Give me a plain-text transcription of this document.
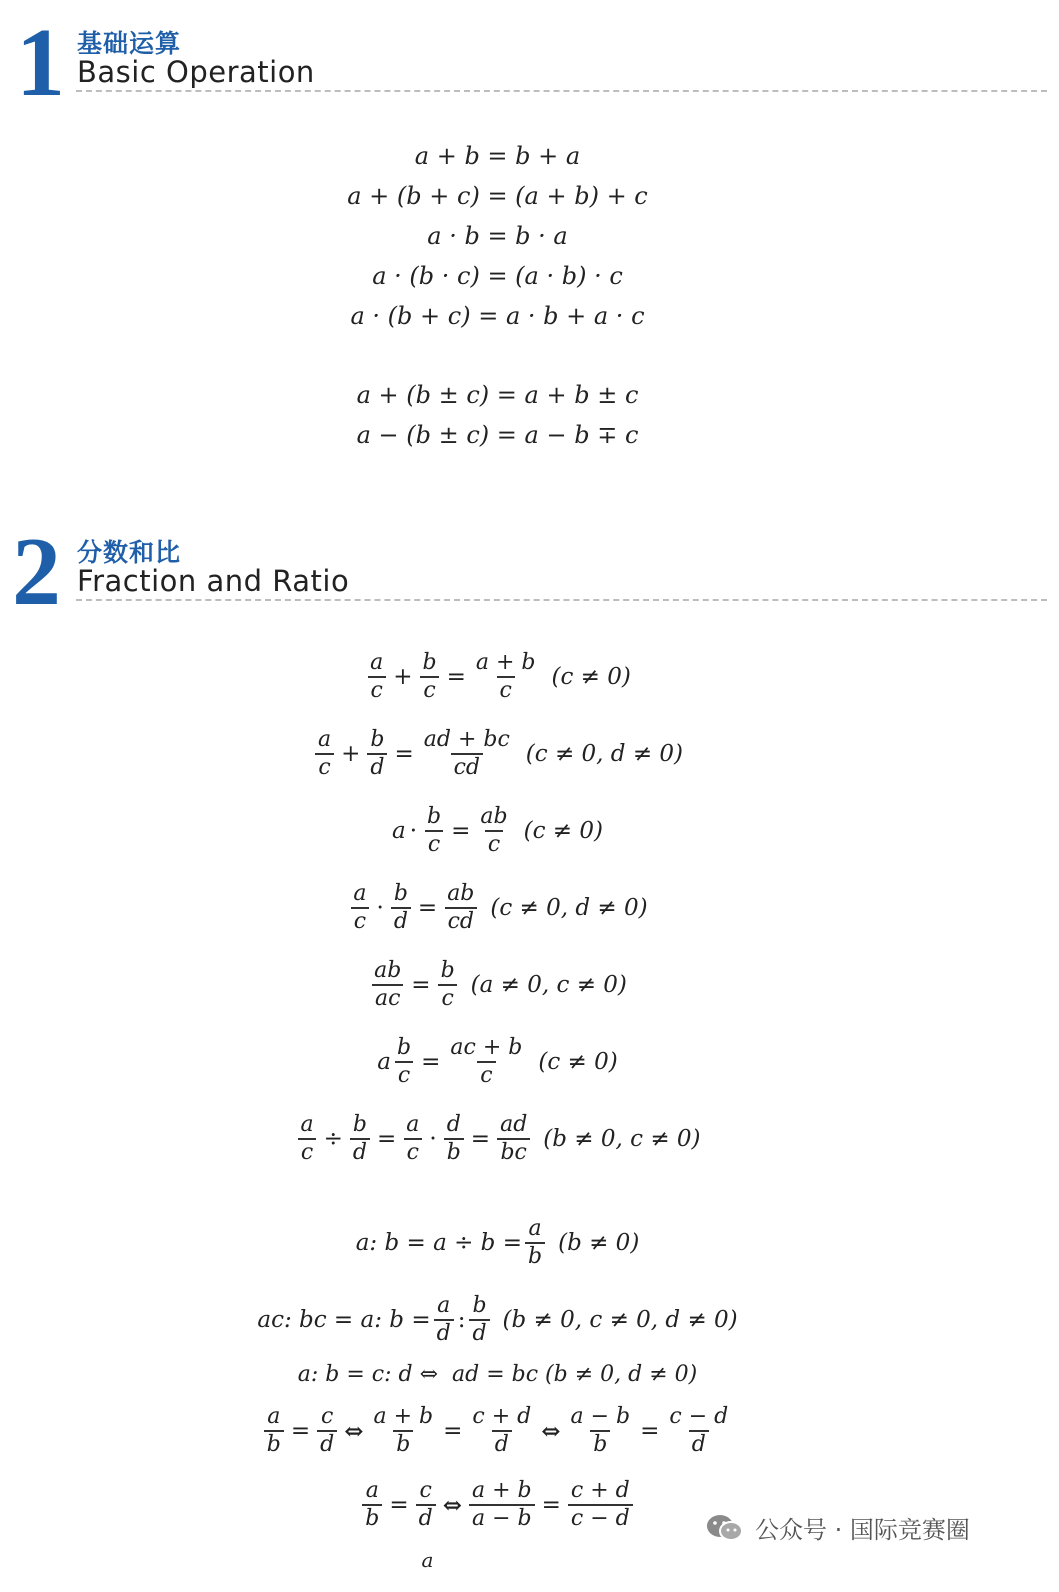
1 基础运算
Basic Operation
a + b = b + a
a + (b + c) = (a + b) + c
a · b = b · a
a · (b · c) = (a · b) · c
a · (b + c) = a · b + a · c
a + (b ± c) = a + b ± c
a − (b ± c) = a − b ∓ c
2 分数和比
Fraction and Ratio
$\frac{a}{c} + \frac{b}{c} = \frac{a + b}{c} (c \ne 0)$
$\frac{a}{c} + \frac{b}{d} = \frac{ad + bc}{cd} (c \ne 0$, d ≠ 0)
$a \cdot \frac{b}{c} = \frac{ab}{c} (c \ne 0)$
$\frac{a}{c} \cdot \frac{b}{d} = \frac{ab}{cd} (c \ne 0$, d ≠ 0)
$\frac{ab}{ac} = \frac{b}{c} (a \ne 0$, c ≠ 0)
a $\frac{b}{c} = \frac{ac + b}{c} (c \ne 0)$
$\frac{a}{c} \div \frac{b}{d} = \frac{a}{c} \cdot \frac{d}{b} = \frac{ad}{bc} (b \ne 0$, c ≠ 0)
a: $b = a \div b = \frac{a}{b} (b \ne 0)$
ac: bc = a: $b = \frac{a}{d}$ : $\frac{b}{d} (b \ne 0$, c ≠ 0, d ≠ 0)
a: b = c: d ⇔  ad = bc (b ≠ 0, d ≠ 0)
$\frac{a}{b} = \frac{c}{d}$ ⇔ $\frac{a + b}{b} = \frac{c + d}{d}$ ⇔ $\frac{a - b}{b} = \frac{c - d}{d}$
$\frac{a}{b} = \frac{c}{d}$ ⇔ $\frac{a + b}{a - b} = \frac{c + d}{c - d}$
a
公众号 · 国际竞赛圈
